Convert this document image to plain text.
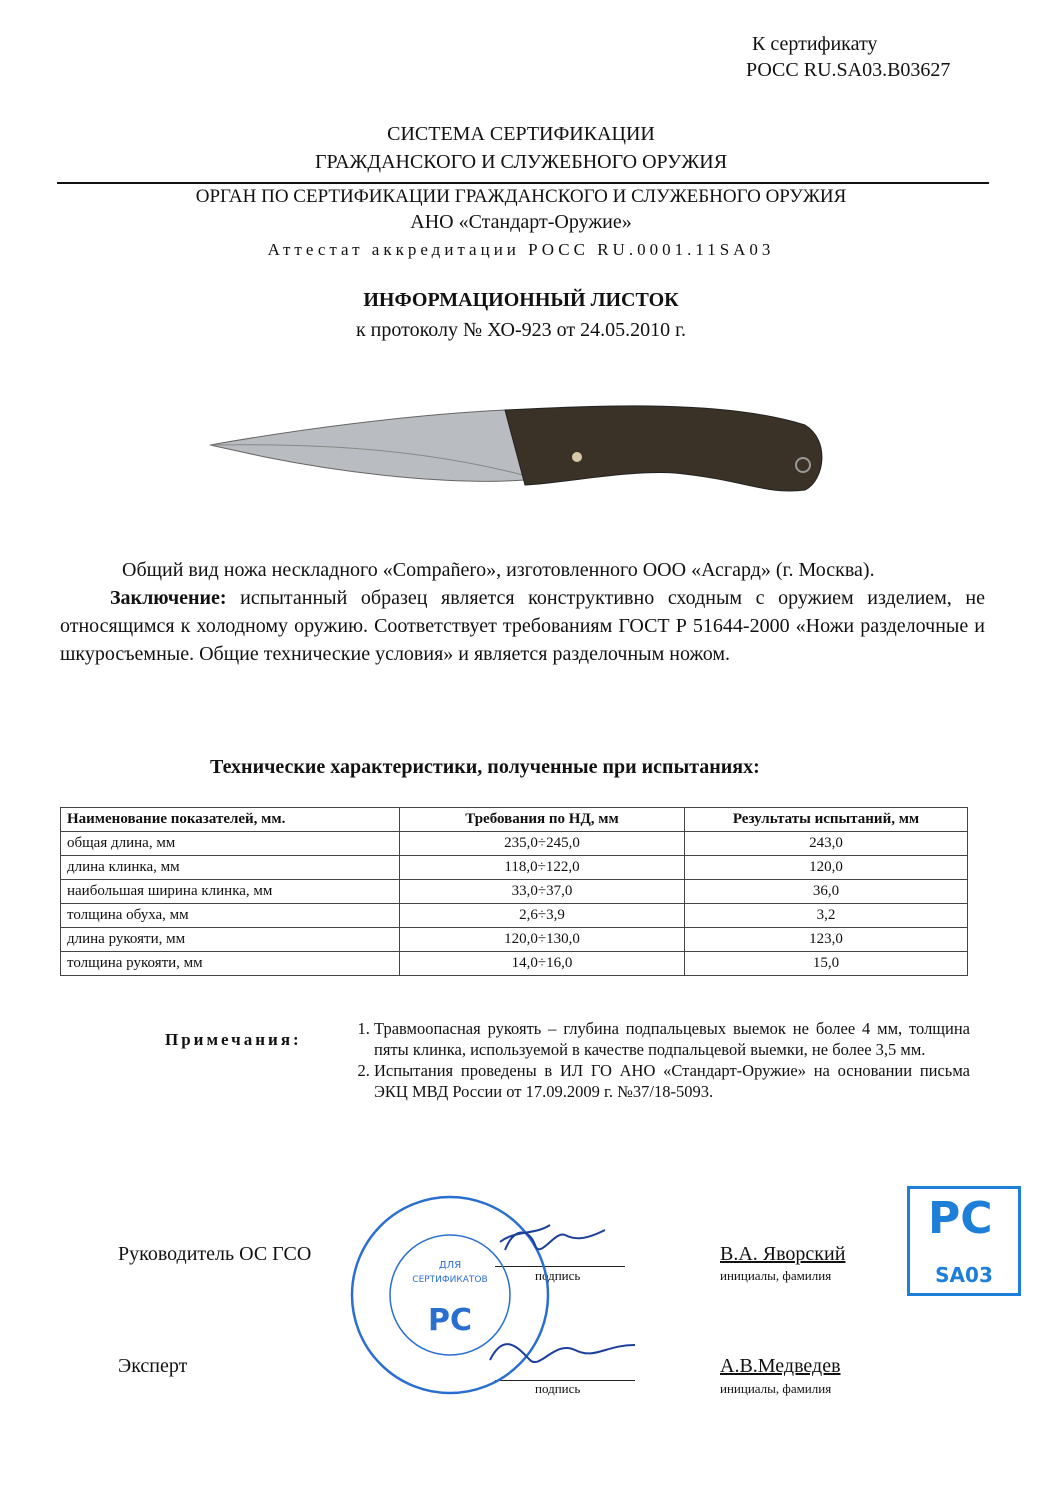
К сертификату
РОСС RU.SA03.B03627
СИСТЕМА СЕРТИФИКАЦИИ
ГРАЖДАНСКОГО И СЛУЖЕБНОГО ОРУЖИЯ
ОРГАН ПО СЕРТИФИКАЦИИ ГРАЖДАНСКОГО И СЛУЖЕБНОГО ОРУЖИЯ
АНО «Стандарт-Оружие»
Аттестат аккредитации РОСС RU.0001.11SA03
ИНФОРМАЦИОННЫЙ ЛИСТОК
к протоколу № ХО-923 от 24.05.2010 г.

Общий вид ножа нескладного «Compañero», изготовленного ООО «Асгард» (г. Москва).

Заключение: испытанный образец является конструктивно сходным с оружием изделием, не относящимся к холодному оружию. Соответствует требованиям ГОСТ Р 51644-2000 «Ножи разделочные и шкуросъемные. Общие технические условия» и является разделочным ножом.

Технические характеристики, полученные при испытаниях:
Наименование показателей, мм.	Требования по НД, мм	Результаты испытаний, мм
общая длина, мм	235,0÷245,0	243,0
длина клинка, мм	118,0÷122,0	120,0
наибольшая ширина клинка, мм	33,0÷37,0	36,0
толщина обуха, мм	2,6÷3,9	3,2
длина рукояти, мм	120,0÷130,0	123,0
толщина рукояти, мм	14,0÷16,0	15,0
Примечания:
1. Травмоопасная рукоять – глубина подпальцевых выемок не более 4 мм, толщина пяты клинка, используемой в качестве подпальцевой выемки, не более 3,5 мм.
2. Испытания проведены в ИЛ ГО АНО «Стандарт-Оружие» на основании письма ЭКЦ МВД России от 17.09.2009 г. №37/18-5093.
Руководитель ОС ГСО
подпись
В.А. Яворский
инициалы, фамилия
Эксперт
подпись
А.В.Медведев
инициалы, фамилия
ДЛЯ
СЕРТИФИКАТОВ
PC
PC
SA03
